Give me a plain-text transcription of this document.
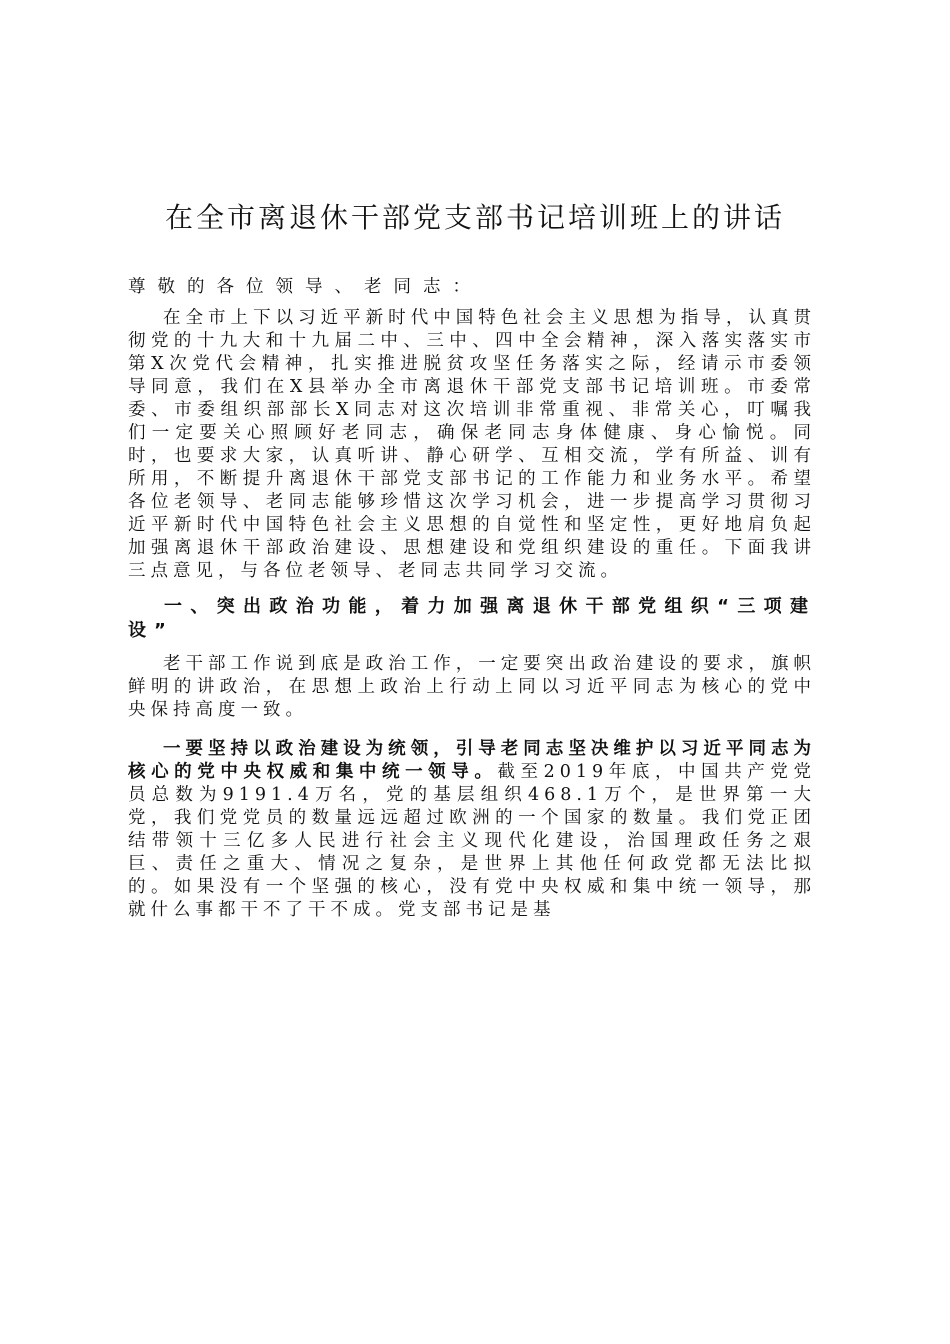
在全市离退休干部党支部书记培训班上的讲话

尊敬的各位领导、老同志：

在全市上下以习近平新时代中国特色社会主义思想为指导，认真贯彻党的十九大和十九届二中、三中、四中全会精神，深入落实落实市第X次党代会精神，扎实推进脱贫攻坚任务落实之际，经请示市委领导同意，我们在X县举办全市离退休干部党支部书记培训班。市委常委、市委组织部部长X同志对这次培训非常重视、非常关心，叮嘱我们一定要关心照顾好老同志，确保老同志身体健康、身心愉悦。同时，也要求大家，认真听讲、静心研学、互相交流，学有所益、训有所用，不断提升离退休干部党支部书记的工作能力和业务水平。希望各位老领导、老同志能够珍惜这次学习机会，进一步提高学习贯彻习近平新时代中国特色社会主义思想的自觉性和坚定性，更好地肩负起加强离退休干部政治建设、思想建设和党组织建设的重任。下面我讲三点意见，与各位老领导、老同志共同学习交流。

一、突出政治功能，着力加强离退休干部党组织“三项建设”

老干部工作说到底是政治工作，一定要突出政治建设的要求，旗帜鲜明的讲政治，在思想上政治上行动上同以习近平同志为核心的党中央保持高度一致。

一要坚持以政治建设为统领，引导老同志坚决维护以习近平同志为核心的党中央权威和集中统一领导。截至2019年底，中国共产党党员总数为9191.4万名，党的基层组织468.1万个，是世界第一大党，我们党党员的数量远远超过欧洲的一个国家的数量。我们党正团结带领十三亿多人民进行社会主义现代化建设，治国理政任务之艰巨、责任之重大、情况之复杂，是世界上其他任何政党都无法比拟的。如果没有一个坚强的核心，没有党中央权威和集中统一领导，那就什么事都干不了干不成。党支部书记是基
